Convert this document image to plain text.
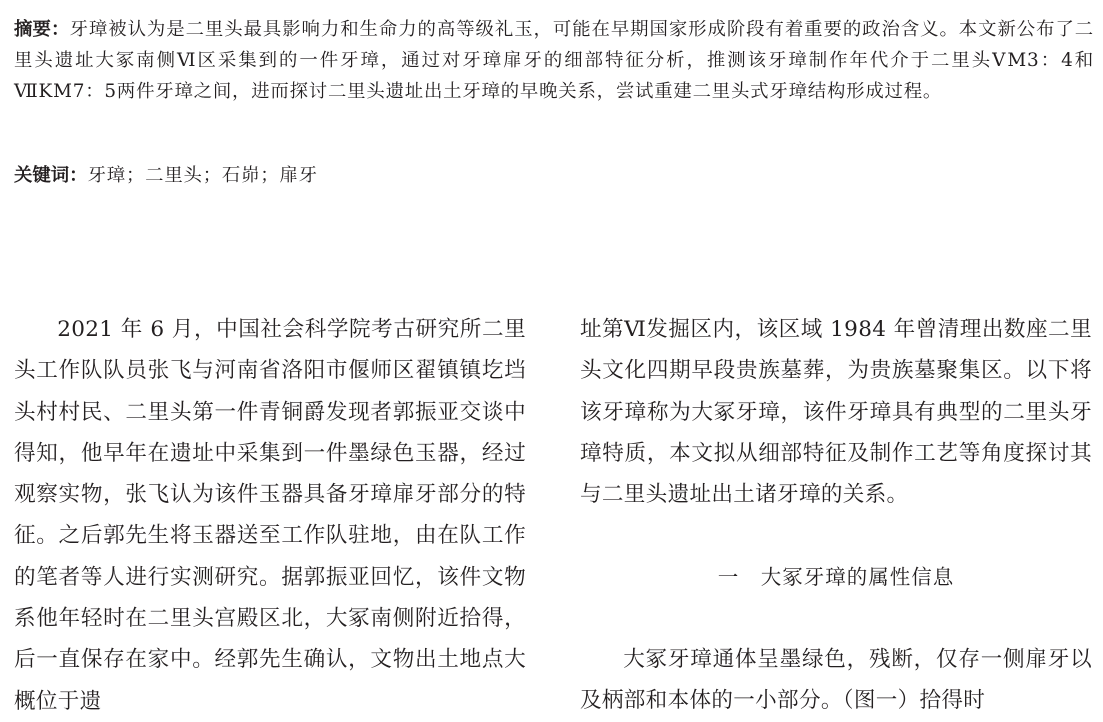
摘要：牙璋被认为是二里头最具影响力和生命力的高等级礼玉，可能在早期国家形成阶段有着重要的政治含义。本文新公布了二里头遗址大冢南侧Ⅵ区采集到的一件牙璋，通过对牙璋扉牙的细部特征分析，推测该牙璋制作年代介于二里头ⅤM3：4和ⅦKM7：5两件牙璋之间，进而探讨二里头遗址出土牙璋的早晚关系，尝试重建二里头式牙璋结构形成过程。

关键词：牙璋；二里头；石峁；扉牙

2021 年 6 月，中国社会科学院考古研究所二里头工作队队员张飞与河南省洛阳市偃师区翟镇镇圪垱头村村民、二里头第一件青铜爵发现者郭振亚交谈中得知，他早年在遗址中采集到一件墨绿色玉器，经过观察实物，张飞认为该件玉器具备牙璋扉牙部分的特征。之后郭先生将玉器送至工作队驻地，由在队工作的笔者等人进行实测研究。据郭振亚回忆，该件文物系他年轻时在二里头宫殿区北，大冢南侧附近拾得，后一直保存在家中。经郭先生确认，文物出土地点大概位于遗

址第Ⅵ发掘区内，该区域 1984 年曾清理出数座二里头文化四期早段贵族墓葬，为贵族墓聚集区。以下将该牙璋称为大冢牙璋，该件牙璋具有典型的二里头牙璋特质，本文拟从细部特征及制作工艺等角度探讨其与二里头遗址出土诸牙璋的关系。

一　大冢牙璋的属性信息

大冢牙璋通体呈墨绿色，残断，仅存一侧扉牙以及柄部和本体的一小部分。（图一）拾得时
